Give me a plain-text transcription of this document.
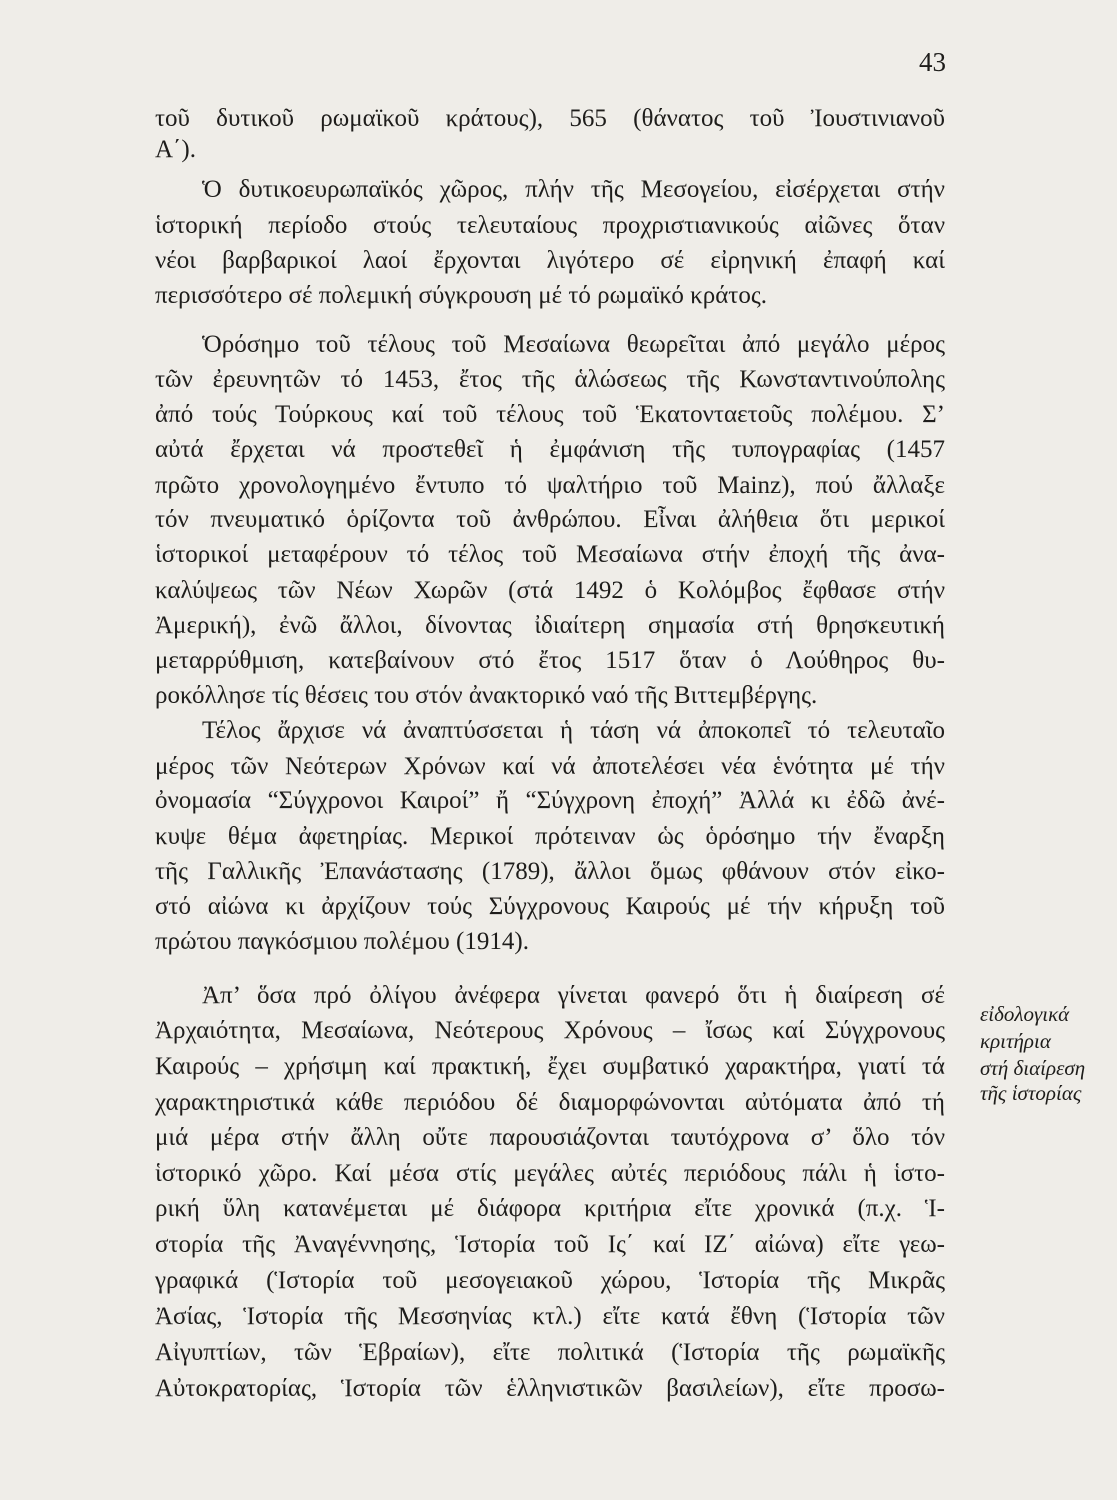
43
τοῦ δυτικοῦ ρωμαϊκοῦ κράτους), 565 (θάνατος τοῦ Ἰουστινιανοῦ
Α΄).
Ὁ δυτικοευρωπαϊκός χῶρος, πλήν τῆς Μεσογείου, εἰσέρχεται στήν
ἱστορική περίοδο στούς τελευταίους προχριστιανικούς αἰῶνες ὅταν
νέοι βαρβαρικοί λαοί ἔρχονται λιγότερο σέ εἰρηνική ἐπαφή καί
περισσότερο σέ πολεμική σύγκρουση μέ τό ρωμαϊκό κράτος.
Ὁρόσημο τοῦ τέλους τοῦ Μεσαίωνα θεωρεῖται ἀπό μεγάλο μέρος
τῶν ἐρευνητῶν τό 1453, ἔτος τῆς ἁλώσεως τῆς Κωνσταντινούπολης
ἀπό τούς Τούρκους καί τοῦ τέλους τοῦ Ἑκατονταετοῦς πολέμου. Σ’
αὐτά ἔρχεται νά προστεθεῖ ἡ ἐμφάνιση τῆς τυπογραφίας (1457
πρῶτο χρονολογημένο ἔντυπο τό ψαλτήριο τοῦ Mainz), πού ἄλλαξε
τόν πνευματικό ὁρίζοντα τοῦ ἀνθρώπου. Εἶναι ἀλήθεια ὅτι μερικοί
ἱστορικοί μεταφέρουν τό τέλος τοῦ Μεσαίωνα στήν ἐποχή τῆς ἀνα-
καλύψεως τῶν Νέων Χωρῶν (στά 1492 ὁ Κολόμβος ἔφθασε στήν
Ἀμερική), ἐνῶ ἄλλοι, δίνοντας ἰδιαίτερη σημασία στή θρησκευτική
μεταρρύθμιση, κατεβαίνουν στό ἔτος 1517 ὅταν ὁ Λούθηρος θυ-
ροκόλλησε τίς θέσεις του στόν ἀνακτορικό ναό τῆς Βιττεμβέργης.
Τέλος ἄρχισε νά ἀναπτύσσεται ἡ τάση νά ἀποκοπεῖ τό τελευταῖο
μέρος τῶν Νεότερων Χρόνων καί νά ἀποτελέσει νέα ἑνότητα μέ τήν
ὀνομασία “Σύγχρονοι Καιροί” ἤ “Σύγχρονη ἐποχή” Ἀλλά κι ἐδῶ ἀνέ-
κυψε θέμα ἀφετηρίας. Μερικοί πρότειναν ὡς ὁρόσημο τήν ἔναρξη
τῆς Γαλλικῆς Ἐπανάστασης (1789), ἄλλοι ὅμως φθάνουν στόν εἰκο-
στό αἰώνα κι ἀρχίζουν τούς Σύγχρονους Καιρούς μέ τήν κήρυξη τοῦ
πρώτου παγκόσμιου πολέμου (1914).
Ἀπ’ ὅσα πρό ὀλίγου ἀνέφερα γίνεται φανερό ὅτι ἡ διαίρεση σέ
Ἀρχαιότητα, Μεσαίωνα, Νεότερους Χρόνους – ἴσως καί Σύγχρονους
Καιρούς – χρήσιμη καί πρακτική, ἔχει συμβατικό χαρακτήρα, γιατί τά
χαρακτηριστικά κάθε περιόδου δέ διαμορφώνονται αὐτόματα ἀπό τή
μιά μέρα στήν ἄλλη οὔτε παρουσιάζονται ταυτόχρονα σ’ ὅλο τόν
ἱστορικό χῶρο. Καί μέσα στίς μεγάλες αὐτές περιόδους πάλι ἡ ἱστο-
ρική ὕλη κατανέμεται μέ διάφορα κριτήρια εἴτε χρονικά (π.χ. Ἱ-
στορία τῆς Ἀναγέννησης, Ἱστορία τοῦ Ις΄ καί ΙΖ΄ αἰώνα) εἴτε γεω-
γραφικά (Ἱστορία τοῦ μεσογειακοῦ χώρου, Ἱστορία τῆς Μικρᾶς
Ἀσίας, Ἱστορία τῆς Μεσσηνίας κτλ.) εἴτε κατά ἔθνη (Ἱστορία τῶν
Αἰγυπτίων, τῶν Ἑβραίων), εἴτε πολιτικά (Ἱστορία τῆς ρωμαϊκῆς
Αὐτοκρατορίας, Ἱστορία τῶν ἑλληνιστικῶν βασιλείων), εἴτε προσω-
εἰδολογικά
κριτήρια
στή διαίρεση
τῆς ἱστορίας
